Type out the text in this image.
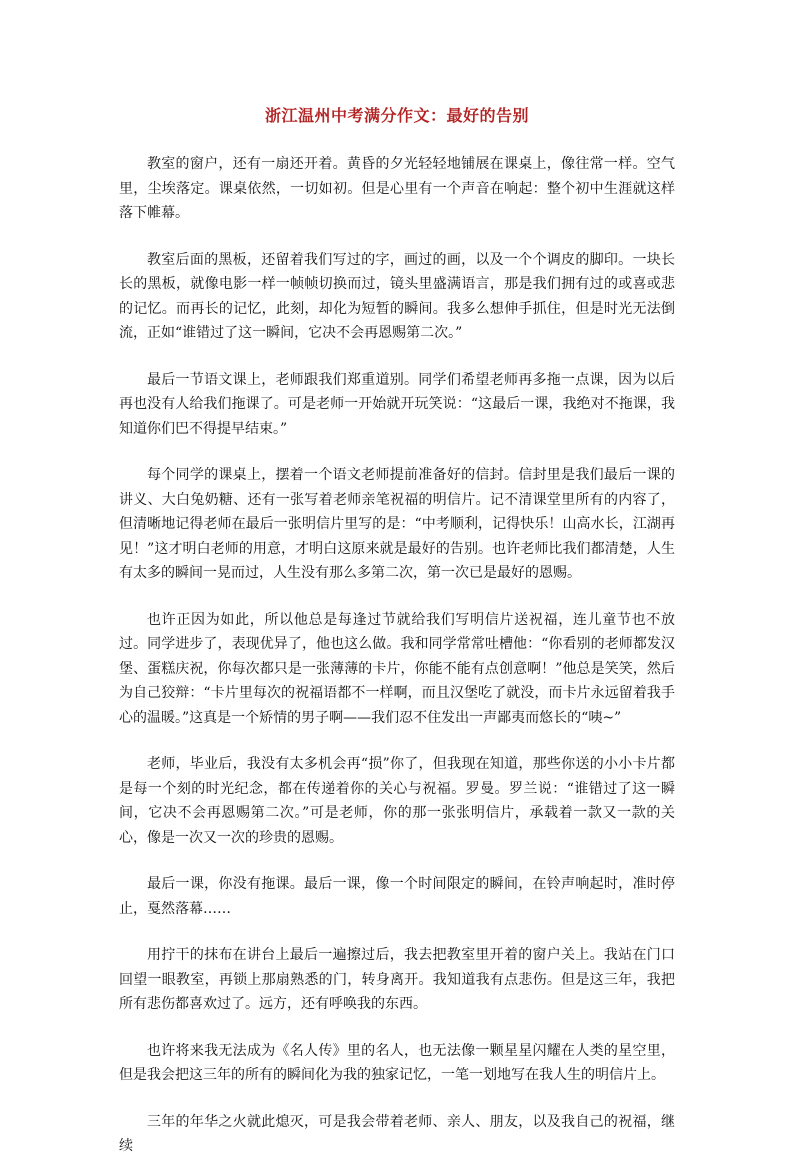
浙江温州中考满分作文：最好的告别

教室的窗户，还有一扇还开着。黄昏的夕光轻轻地铺展在课桌上，像往常一样。空气里，尘埃落定。课桌依然，一切如初。但是心里有一个声音在响起：整个初中生涯就这样落下帷幕。

教室后面的黑板，还留着我们写过的字，画过的画，以及一个个调皮的脚印。一块长长的黑板，就像电影一样一帧帧切换而过，镜头里盛满语言，那是我们拥有过的或喜或悲的记忆。而再长的记忆，此刻，却化为短暂的瞬间。我多么想伸手抓住，但是时光无法倒流，正如“谁错过了这一瞬间，它决不会再恩赐第二次。”

最后一节语文课上，老师跟我们郑重道别。同学们希望老师再多拖一点课，因为以后再也没有人给我们拖课了。可是老师一开始就开玩笑说：“这最后一课，我绝对不拖课，我知道你们巴不得提早结束。”

每个同学的课桌上，摆着一个语文老师提前准备好的信封。信封里是我们最后一课的讲义、大白兔奶糖、还有一张写着老师亲笔祝福的明信片。记不清课堂里所有的内容了，但清晰地记得老师在最后一张明信片里写的是：“中考顺利，记得快乐！山高水长，江湖再见！”这才明白老师的用意，才明白这原来就是最好的告别。也许老师比我们都清楚，人生有太多的瞬间一晃而过，人生没有那么多第二次，第一次已是最好的恩赐。

也许正因为如此，所以他总是每逢过节就给我们写明信片送祝福，连儿童节也不放过。同学进步了，表现优异了，他也这么做。我和同学常常吐槽他：“你看别的老师都发汉堡、蛋糕庆祝，你每次都只是一张薄薄的卡片，你能不能有点创意啊！”他总是笑笑，然后为自己狡辩：“卡片里每次的祝福语都不一样啊，而且汉堡吃了就没，而卡片永远留着我手心的温暖。”这真是一个矫情的男子啊——我们忍不住发出一声鄙夷而悠长的“咦~”

老师，毕业后，我没有太多机会再“损”你了，但我现在知道，那些你送的小小卡片都是每一个刻的时光纪念，都在传递着你的关心与祝福。罗曼。罗兰说：“谁错过了这一瞬间，它决不会再恩赐第二次。”可是老师，你的那一张张明信片，承载着一款又一款的关心，像是一次又一次的珍贵的恩赐。

最后一课，你没有拖课。最后一课，像一个时间限定的瞬间，在铃声响起时，准时停止，戛然落幕……

用拧干的抹布在讲台上最后一遍擦过后，我去把教室里开着的窗户关上。我站在门口回望一眼教室，再锁上那扇熟悉的门，转身离开。我知道我有点悲伤。但是这三年，我把所有悲伤都喜欢过了。远方，还有呼唤我的东西。

也许将来我无法成为《名人传》里的名人，也无法像一颗星星闪耀在人类的星空里，但是我会把这三年的所有的瞬间化为我的独家记忆，一笔一划地写在我人生的明信片上。

三年的年华之火就此熄灭，可是我会带着老师、亲人、朋友，以及我自己的祝福，继续
